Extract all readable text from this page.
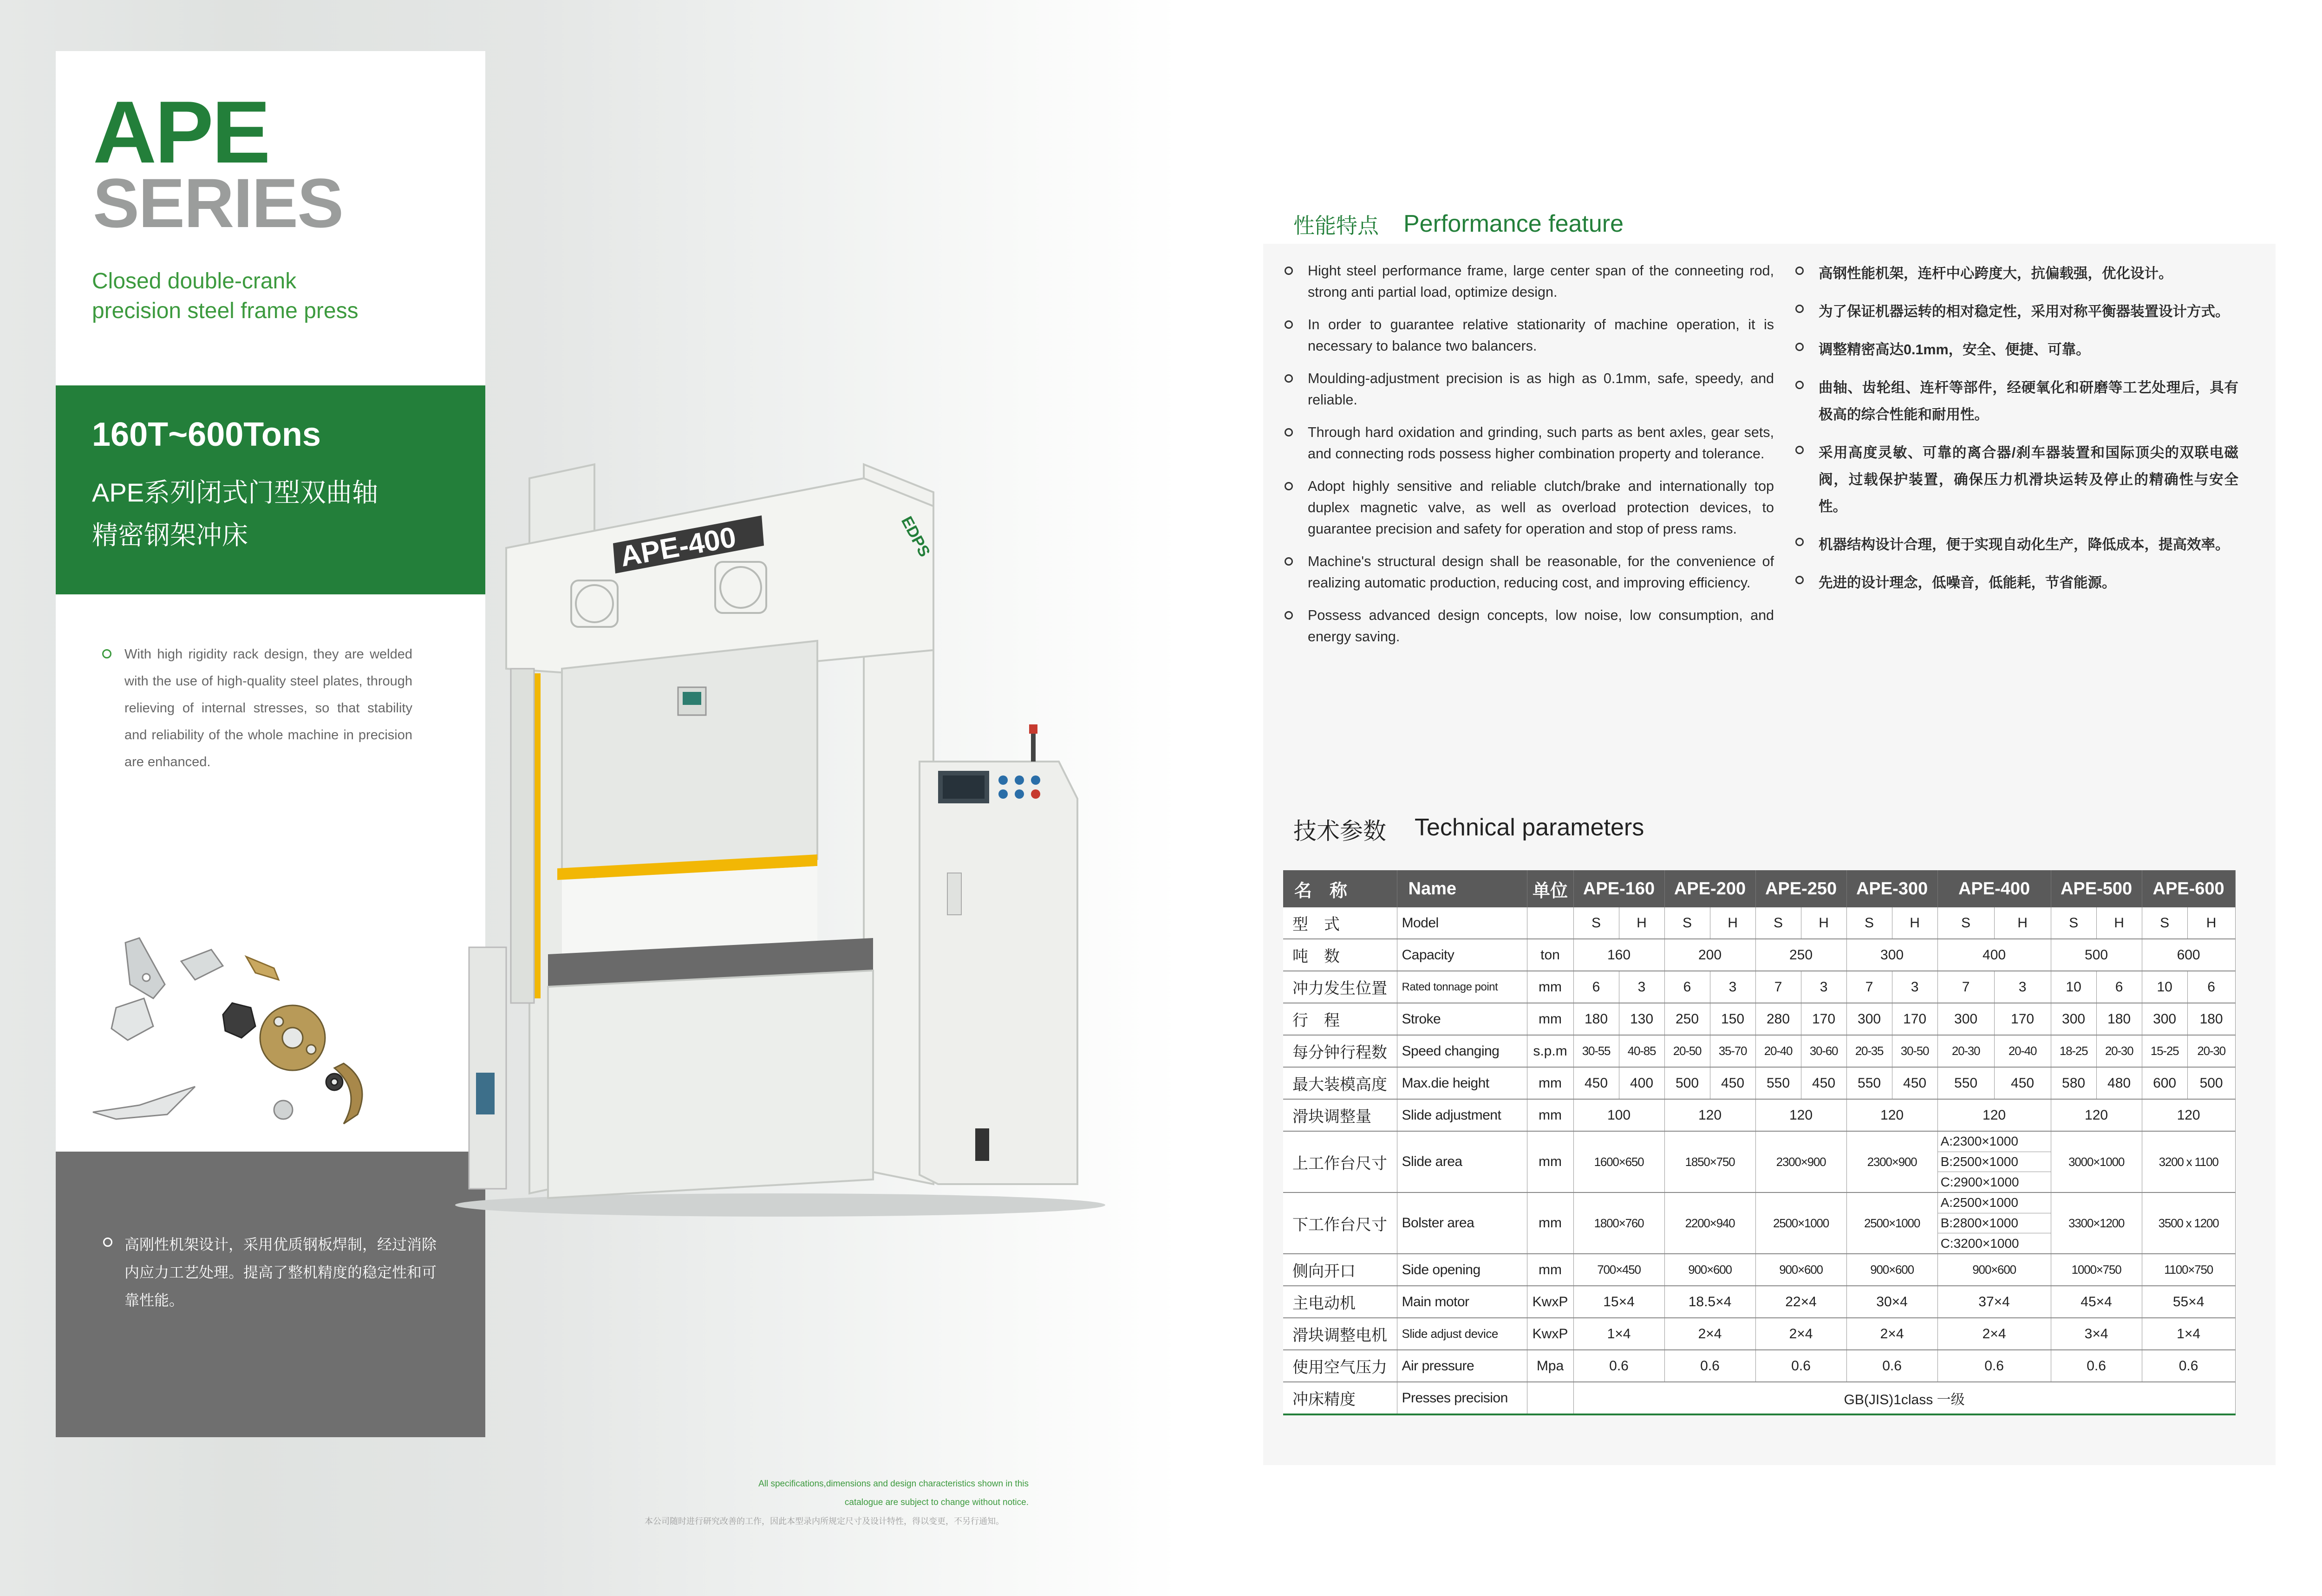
APE
SERIES
Closed double-crank
precision steel frame press
160T~600Tons
APE系列闭式门型双曲轴
精密钢架冲床
With high rigidity rack design, they are welded with the use of high-quality steel plates, through relieving of internal stresses, so that stability and reliability of the whole machine in precision are enhanced.
高刚性机架设计，采用优质钢板焊制，经过消除内应力工艺处理。提高了整机精度的稳定性和可靠性能。
APE-400	EDPS
All specifications,dimensions and design characteristics shown in this
catalogue are subject to change without notice.
本公司随时进行研究改善的工作，因此本型录内所规定尺寸及设计特性，得以变更，不另行通知。
性能特点 Performance feature
Hight steel performance frame, large center span of the conneeting rod, strong anti partial load, optimize design.
In order to guarantee relative stationarity of machine operation, it is necessary to balance two balancers.
Moulding-adjustment precision is as high as 0.1mm, safe, speedy, and reliable.
Through hard oxidation and grinding, such parts as bent axles, gear sets, and connecting rods possess higher combination property and tolerance.
Adopt highly sensitive and reliable clutch/brake and internationally top duplex magnetic valve, as well as overload protection devices, to guarantee precision and safety for operation and stop of press rams.
Machine's structural design shall be reasonable, for the convenience of realizing automatic production, reducing cost, and improving efficiency.
Possess advanced design concepts, low noise, low consumption, and energy saving.
高钢性能机架，连杆中心跨度大，抗偏载强，优化设计。
为了保证机器运转的相对稳定性，采用对称平衡器装置设计方式。
调整精密高达0.1mm，安全、便捷、可靠。
曲轴、齿轮组、连杆等部件，经硬氧化和研磨等工艺处理后，具有极高的综合性能和耐用性。
采用高度灵敏、可靠的离合器/刹车器装置和国际顶尖的双联电磁阀，过载保护装置，确保压力机滑块运转及停止的精确性与安全性。
机器结构设计合理，便于实现自动化生产，降低成本，提高效率。
先进的设计理念，低噪音，低能耗，节省能源。
技术参数 Technical parameters
名　称	Name	单位	APE-160		APE-200		APE-250		APE-300		APE-400		APE-500		APE-600	
型　式	Model		S	H	S	H	S	H	S	H	S	H	S	H	S	H
吨　数	Capacity	ton	160		200		250		300		400		500		600	
冲力发生位置	Rated tonnage point	mm	6	3	6	3	7	3	7	3	7	3	10	6	10	6
行　程	Stroke	mm	180	130	250	150	280	170	300	170	300	170	300	180	300	180
每分钟行程数	Speed changing	s.p.m	30-55	40-85	20-50	35-70	20-40	30-60	20-35	30-50	20-30	20-40	18-25	20-30	15-25	20-30
最大装模高度	Max.die height	mm	450	400	500	450	550	450	550	450	550	450	580	480	600	500
滑块调整量	Slide adjustment	mm	100		120		120		120		120		120		120	
上工作台尺寸	Slide area	mm	1600×650		1850×750		2300×900		2300×900		A:2300×1000
B:2500×1000
C:2900×1000		3000×1000		3200 x 1100	
下工作台尺寸	Bolster area	mm	1800×760		2200×940		2500×1000		2500×1000		A:2500×1000
B:2800×1000
C:3200×1000		3300×1200		3500 x 1200	
侧向开口	Side opening	mm	700×450		900×600		900×600		900×600		900×600		1000×750		1100×750	
主电动机	Main motor	KwxP	15×4		18.5×4		22×4		30×4		37×4		45×4		55×4	
滑块调整电机	Slide adjust device	KwxP	1×4		2×4		2×4		2×4		2×4		3×4		1×4	
使用空气压力	Air pressure	Mpa	0.6		0.6		0.6		0.6		0.6		0.6		0.6	
冲床精度	Presses precision		GB(JIS)1class 一级													
